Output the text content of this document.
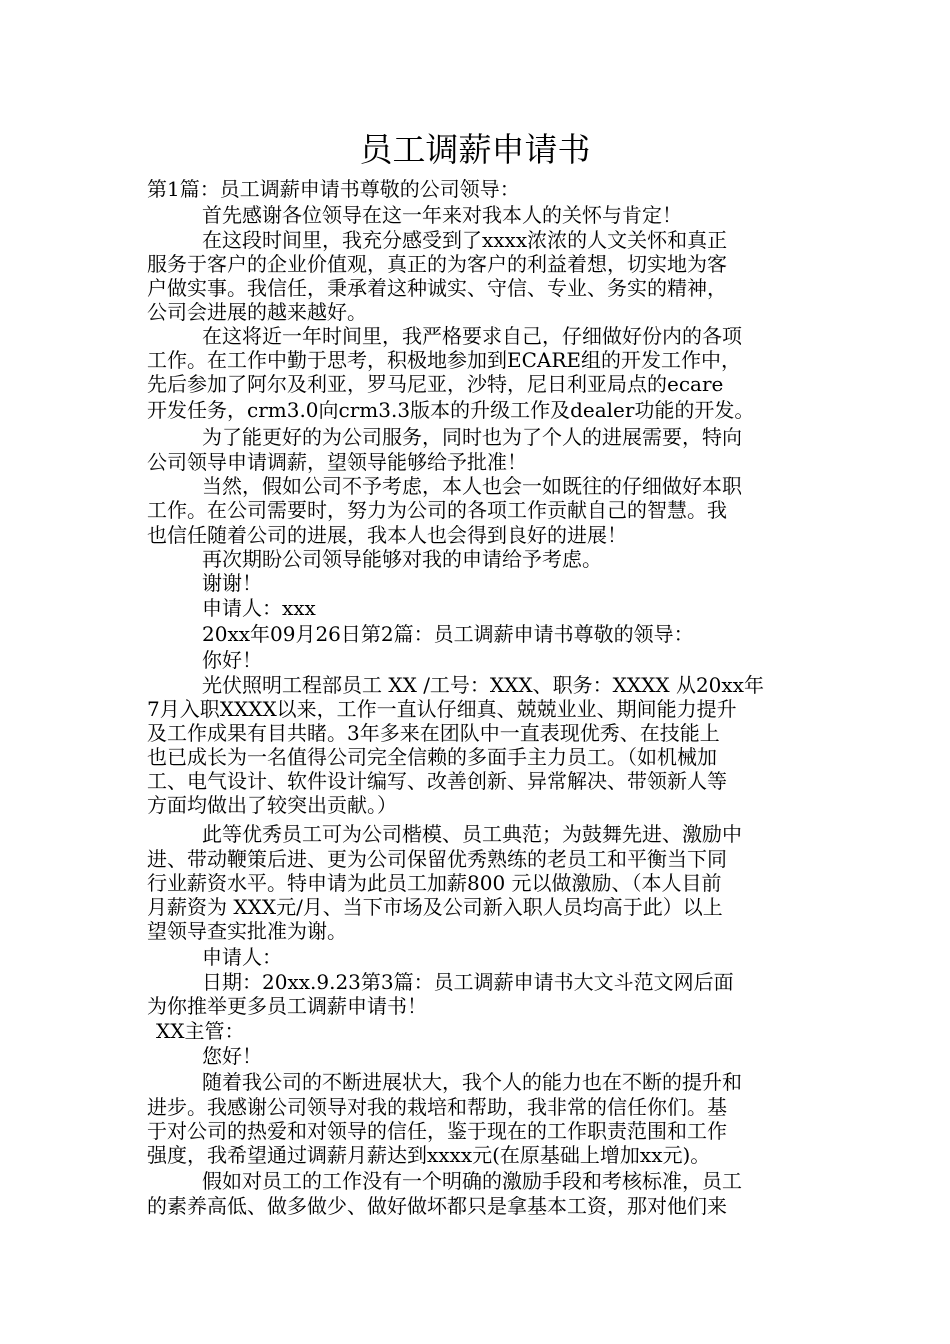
员工调薪申请书
第1篇：员工调薪申请书尊敬的公司领导：
首先感谢各位领导在这一年来对我本人的关怀与肯定！
在这段时间里，我充分感受到了xxxx浓浓的人文关怀和真正
服务于客户的企业价值观，真正的为客户的利益着想，切实地为客
户做实事。我信任，秉承着这种诚实、守信、专业、务实的精神，
公司会进展的越来越好。
在这将近一年时间里，我严格要求自己，仔细做好份内的各项
工作。在工作中勤于思考，积极地参加到ECARE组的开发工作中，
先后参加了阿尔及利亚，罗马尼亚，沙特，尼日利亚局点的ecare
开发任务，crm3.0向crm3.3版本的升级工作及dealer功能的开发。
为了能更好的为公司服务，同时也为了个人的进展需要，特向
公司领导申请调薪，望领导能够给予批准！
当然，假如公司不予考虑，本人也会一如既往的仔细做好本职
工作。在公司需要时，努力为公司的各项工作贡献自己的智慧。我
也信任随着公司的进展，我本人也会得到良好的进展！
再次期盼公司领导能够对我的申请给予考虑。
谢谢！
申请人：xxx
20xx年09月26日第2篇：员工调薪申请书尊敬的领导：
你好！
光伏照明工程部员工 XX /工号：XXX、职务：XXXX 从20xx年
7月入职XXXX以来，工作一直认仔细真、兢兢业业、期间能力提升
及工作成果有目共睹。3年多来在团队中一直表现优秀、在技能上
也已成长为一名值得公司完全信赖的多面手主力员工。（如机械加
工、电气设计、软件设计编写、改善创新、异常解决、带领新人等
方面均做出了较突出贡献。）
此等优秀员工可为公司楷模、员工典范；为鼓舞先进、激励中
进、带动鞭策后进、更为公司保留优秀熟练的老员工和平衡当下同
行业薪资水平。特申请为此员工加薪800 元以做激励、（本人目前
月薪资为 XXX元/月、当下市场及公司新入职人员均高于此）以上
望领导查实批准为谢。
申请人：
日期：20xx.9.23第3篇：员工调薪申请书大文斗范文网后面
为你推举更多员工调薪申请书！
XX主管：
您好！
随着我公司的不断进展状大，我个人的能力也在不断的提升和
进步。我感谢公司领导对我的栽培和帮助，我非常的信任你们。基
于对公司的热爱和对领导的信任，鉴于现在的工作职责范围和工作
强度，我希望通过调薪月薪达到xxxx元(在原基础上增加xx元)。
假如对员工的工作没有一个明确的激励手段和考核标准，员工
的素养高低、做多做少、做好做坏都只是拿基本工资，那对他们来
